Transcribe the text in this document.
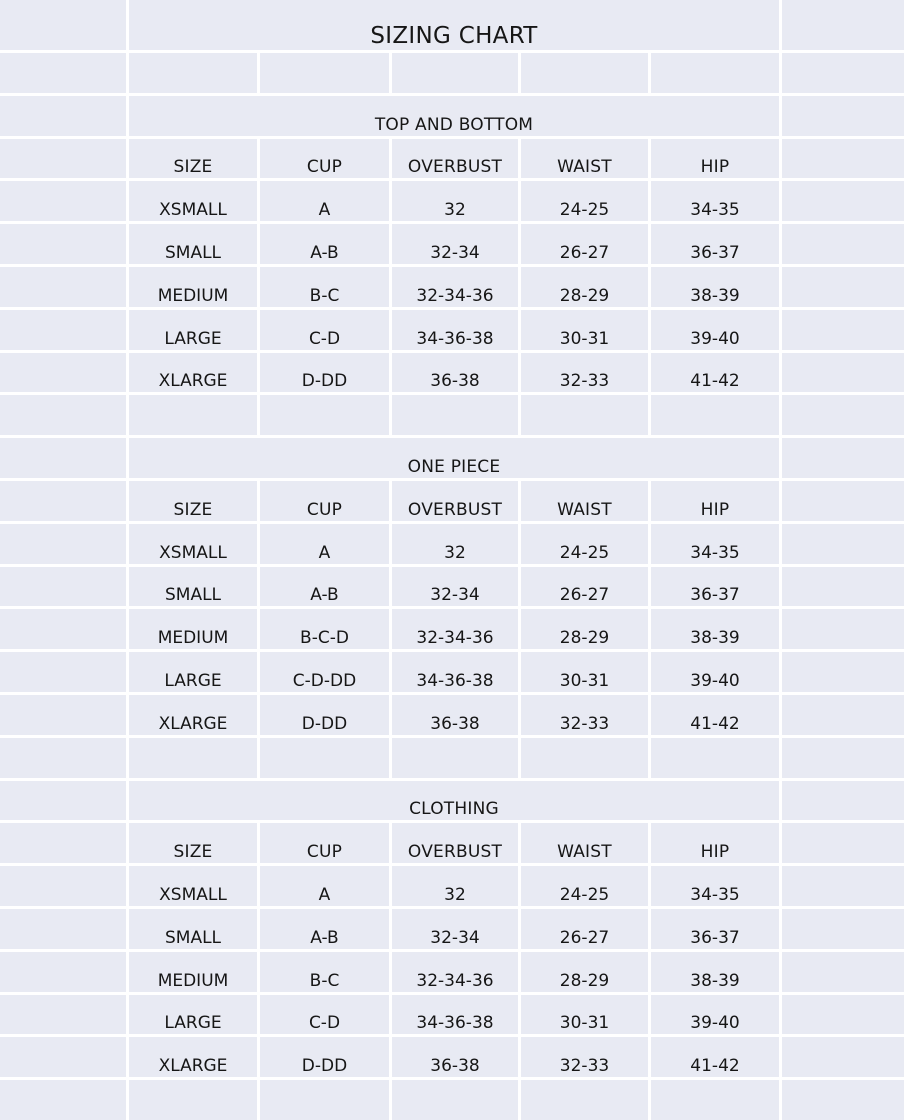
SIZING CHART
TOP AND BOTTOM
SIZE	CUP	OVERBUST	WAIST	HIP
XSMALL	A	32	24-25	34-35
SMALL	A-B	32-34	26-27	36-37
MEDIUM	B-C	32-34-36	28-29	38-39
LARGE	C-D	34-36-38	30-31	39-40
XLARGE	D-DD	36-38	32-33	41-42
ONE PIECE
SIZE	CUP	OVERBUST	WAIST	HIP
XSMALL	A	32	24-25	34-35
SMALL	A-B	32-34	26-27	36-37
MEDIUM	B-C-D	32-34-36	28-29	38-39
LARGE	C-D-DD	34-36-38	30-31	39-40
XLARGE	D-DD	36-38	32-33	41-42
CLOTHING
SIZE	CUP	OVERBUST	WAIST	HIP
XSMALL	A	32	24-25	34-35
SMALL	A-B	32-34	26-27	36-37
MEDIUM	B-C	32-34-36	28-29	38-39
LARGE	C-D	34-36-38	30-31	39-40
XLARGE	D-DD	36-38	32-33	41-42
